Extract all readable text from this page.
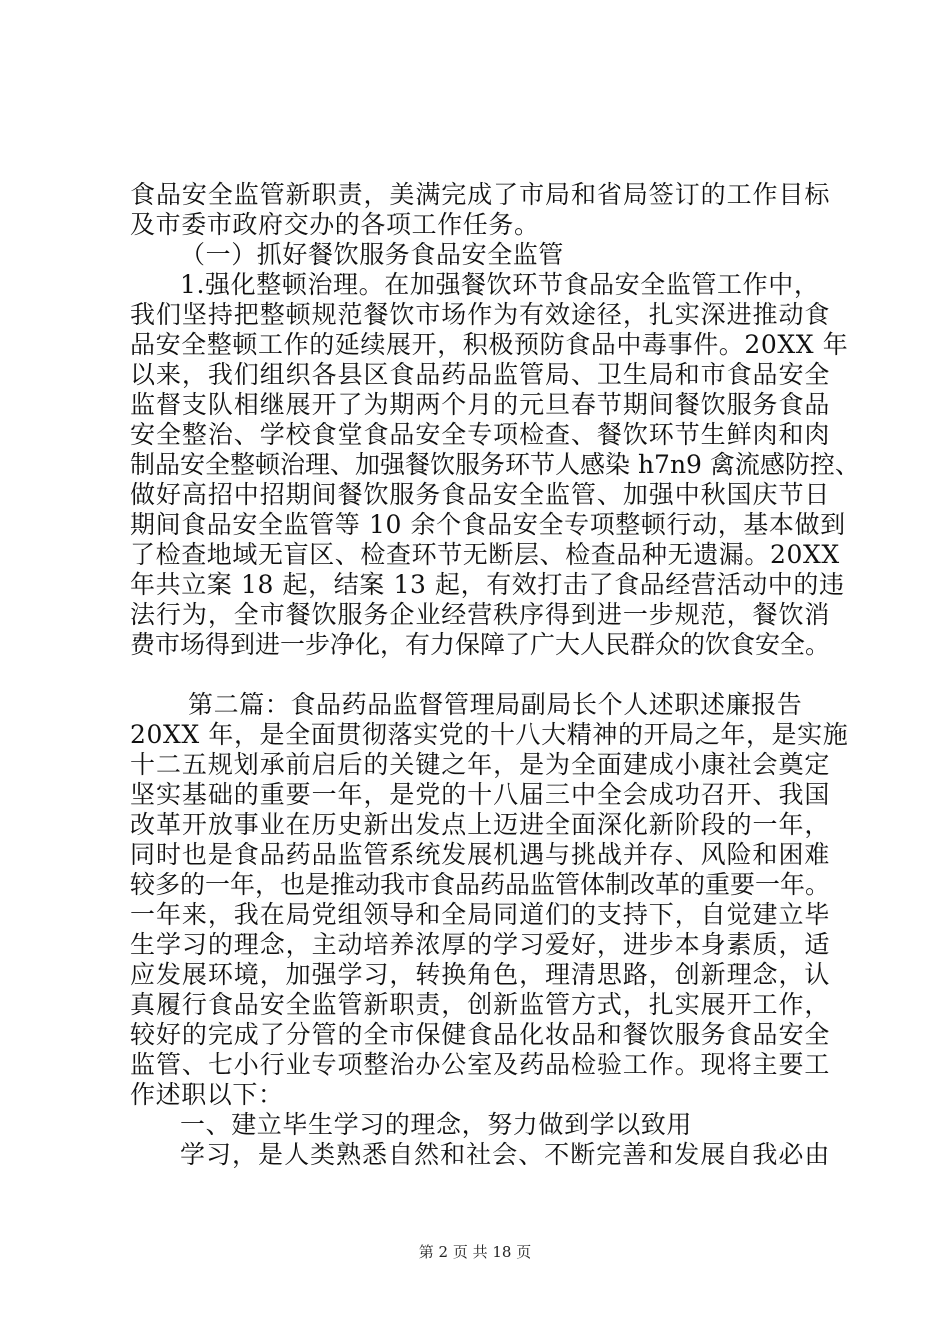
食品安全监管新职责，美满完成了市局和省局签订的工作目标
及市委市政府交办的各项工作任务。
（一）抓好餐饮服务食品安全监管
1.强化整顿治理。在加强餐饮环节食品安全监管工作中，
我们坚持把整顿规范餐饮市场作为有效途径，扎实深进推动食
品安全整顿工作的延续展开，积极预防食品中毒事件。20XX 年
以来，我们组织各县区食品药品监管局、卫生局和市食品安全
监督支队相继展开了为期两个月的元旦春节期间餐饮服务食品
安全整治、学校食堂食品安全专项检查、餐饮环节生鲜肉和肉
制品安全整顿治理、加强餐饮服务环节人感染 h7n9 禽流感防控、
做好高招中招期间餐饮服务食品安全监管、加强中秋国庆节日
期间食品安全监管等 10 余个食品安全专项整顿行动，基本做到
了检查地域无盲区、检查环节无断层、检查品种无遗漏。20XX
年共立案 18 起，结案 13 起，有效打击了食品经营活动中的违
法行为，全市餐饮服务企业经营秩序得到进一步规范，餐饮消
费市场得到进一步净化，有力保障了广大人民群众的饮食安全。
第二篇：食品药品监督管理局副局长个人述职述廉报告
20XX 年，是全面贯彻落实党的十八大精神的开局之年，是实施
十二五规划承前启后的关键之年，是为全面建成小康社会奠定
坚实基础的重要一年，是党的十八届三中全会成功召开、我国
改革开放事业在历史新出发点上迈进全面深化新阶段的一年，
同时也是食品药品监管系统发展机遇与挑战并存、风险和困难
较多的一年，也是推动我市食品药品监管体制改革的重要一年。
一年来，我在局党组领导和全局同道们的支持下，自觉建立毕
生学习的理念，主动培养浓厚的学习爱好，进步本身素质，适
应发展环境，加强学习，转换角色，理清思路，创新理念，认
真履行食品安全监管新职责，创新监管方式，扎实展开工作，
较好的完成了分管的全市保健食品化妆品和餐饮服务食品安全
监管、七小行业专项整治办公室及药品检验工作。现将主要工
作述职以下：
一、建立毕生学习的理念，努力做到学以致用
学习，是人类熟悉自然和社会、不断完善和发展自我必由
第 2 页 共 18 页
